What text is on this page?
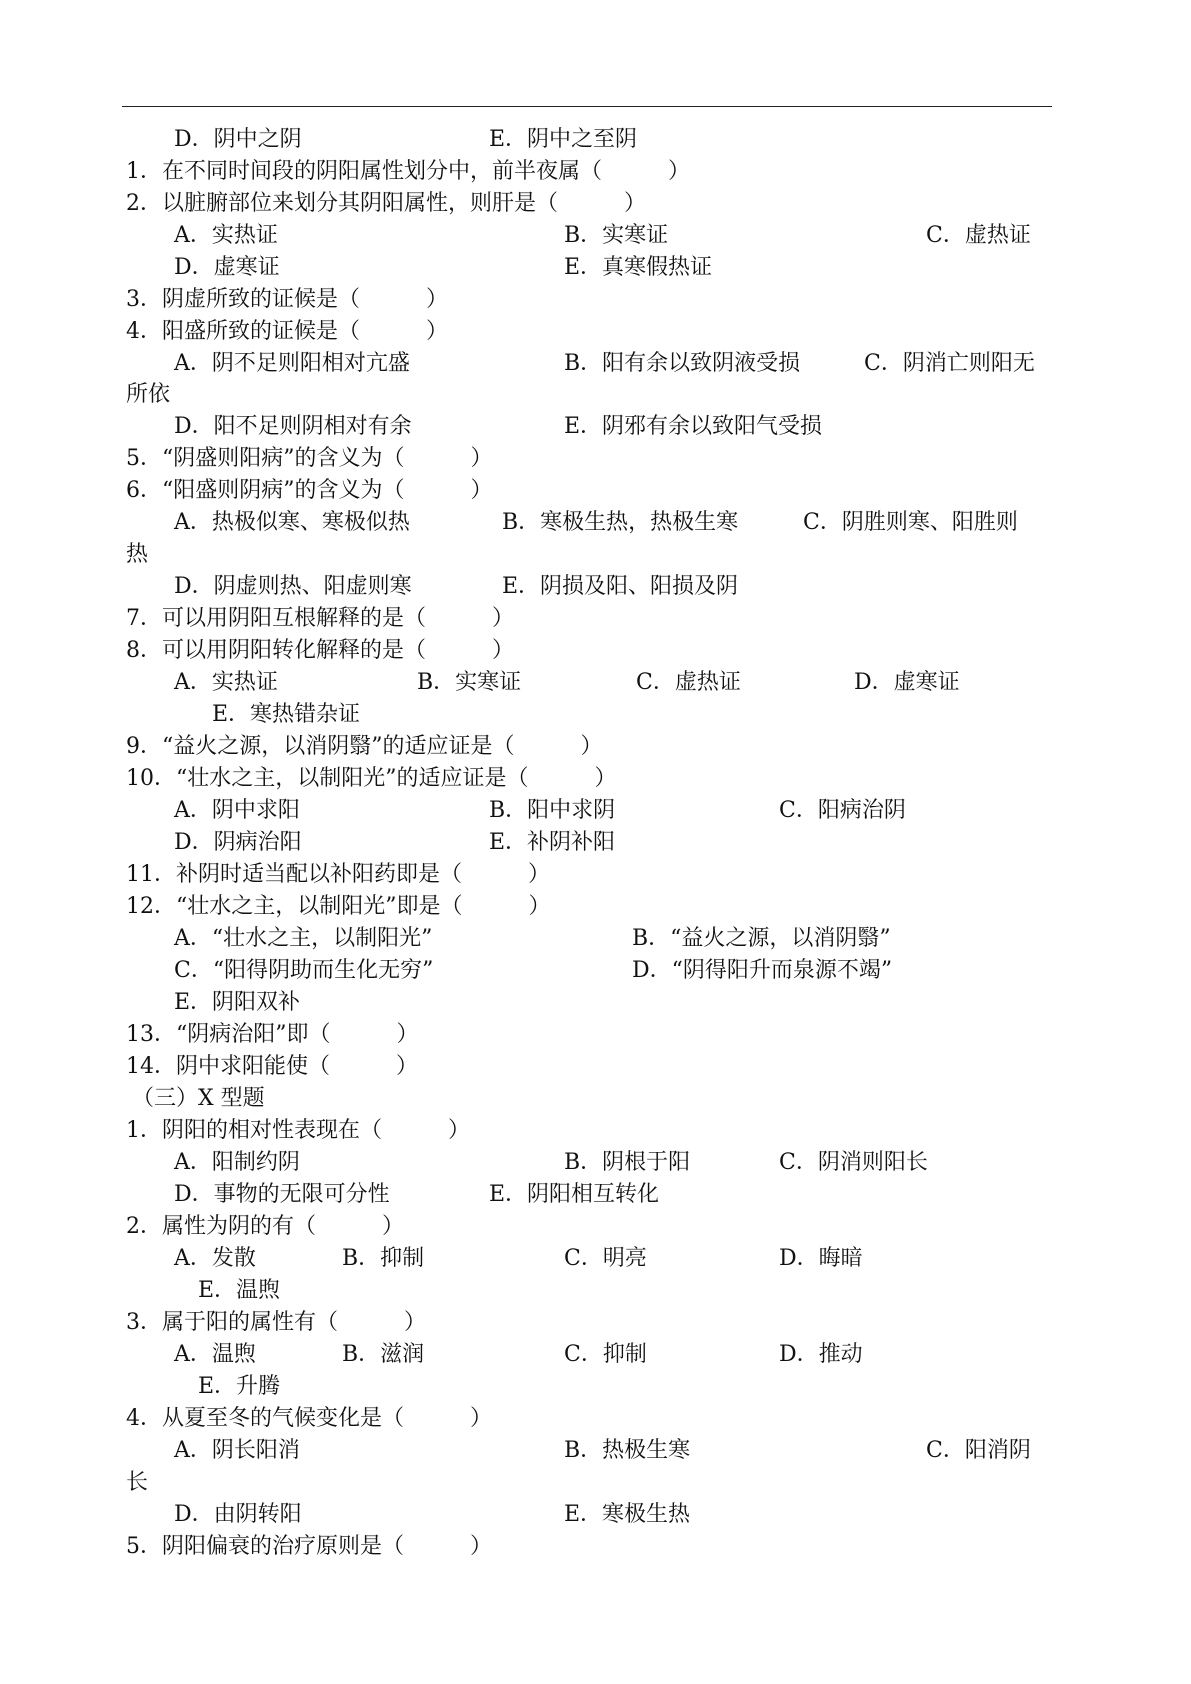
D．阴中之阴	E．阴中之至阴
1．在不同时间段的阴阳属性划分中，前半夜属（　　　）
2．以脏腑部位来划分其阴阳属性，则肝是（　　　）
A．实热证	B．实寒证	C．虚热证
D．虚寒证	E．真寒假热证
3．阴虚所致的证候是（　　　）
4．阳盛所致的证候是（　　　）
A．阴不足则阳相对亢盛	B．阳有余以致阴液受损	C．阴消亡则阳无
所依
D．阳不足则阴相对有余	E．阴邪有余以致阳气受损
5．“阴盛则阳病”的含义为（　　　）
6．“阳盛则阴病”的含义为（　　　）
A．热极似寒、寒极似热	B．寒极生热，热极生寒	C．阴胜则寒、阳胜则
热
D．阴虚则热、阳虚则寒	E．阴损及阳、阳损及阴
7．可以用阴阳互根解释的是（　　　）
8．可以用阴阳转化解释的是（　　　）
A．实热证	B．实寒证	C．虚热证	D．虚寒证
E．寒热错杂证
9．“益火之源，以消阴翳”的适应证是（　　　）
10．“壮水之主，以制阳光”的适应证是（　　　）
A．阴中求阳	B．阳中求阴	C．阳病治阴
D．阴病治阳	E．补阴补阳
11．补阴时适当配以补阳药即是（　　　）
12．“壮水之主，以制阳光”即是（　　　）
A．“壮水之主，以制阳光”	B．“益火之源，以消阴翳”
C．“阳得阴助而生化无穷”	D．“阴得阳升而泉源不竭”
E．阴阳双补
13．“阴病治阳”即（　　　）
14．阴中求阳能使（　　　）
（三）X 型题
1．阴阳的相对性表现在（　　　）
A．阳制约阴	B．阴根于阳	C．阴消则阳长
D．事物的无限可分性	E．阴阳相互转化
2．属性为阴的有（　　　）
A．发散	B．抑制	C．明亮	D．晦暗
E．温煦
3．属于阳的属性有（　　　）
A．温煦	B．滋润	C．抑制	D．推动
E．升腾
4．从夏至冬的气候变化是（　　　）
A．阴长阳消	B．热极生寒	C．阳消阴
长
D．由阴转阳	E．寒极生热
5．阴阳偏衰的治疗原则是（　　　）
